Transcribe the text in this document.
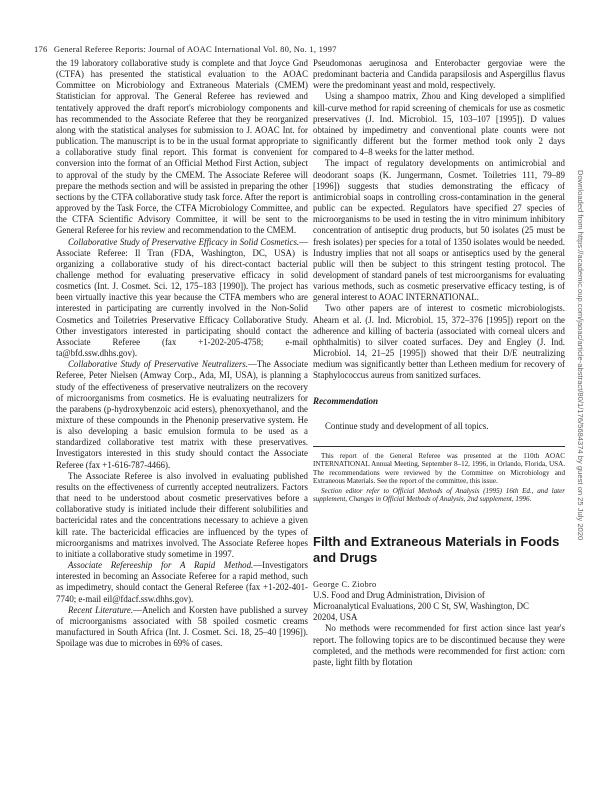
176 General Referee Reports: Journal of AOAC International Vol. 80, No. 1, 1997

the 19 laboratory collaborative study is complete and that Joyce Gnd (CTFA) has presented the statistical evaluation to the AOAC Committee on Microbiology and Extraneous Materials (CMEM) Statistician for approval. The General Referee has reviewed and tentatively approved the draft report's microbiology components and has recommended to the Associate Referee that they be reorganized along with the statistical analyses for submission to J. AOAC Int. for publication. The manuscript is to be in the usual format appropriate to a collaborative study final report. This format is convenient for conversion into the format of an Official Method First Action, subject to approval of the study by the CMEM. The Associate Referee will prepare the methods section and will be assisted in preparing the other sections by the CTFA collaborative study task force. After the report is approved by the Task Force, the CTFA Microbiology Committee, and the CTFA Scientific Advisory Committee, it will be sent to the General Referee for his review and recommendation to the CMEM.

Collaborative Study of Preservative Efficacy in Solid Cosmetics.—Associate Referee: Il Tran (FDA, Washington, DC, USA) is organizing a collaborative study of his direct-contact bacterial challenge method for evaluating preservative efficacy in solid cosmetics (Int. J. Cosmet. Sci. 12, 175–183 [1990]). The project has been virtually inactive this year because the CTFA members who are interested in participating are currently involved in the Non-Solid Cosmetics and Toiletries Preservative Efficacy Collaborative Study. Other investigators interested in participating should contact the Associate Referee (fax +1-202-205-4758; e-mail ta@bfd.ssw.dhhs.gov).

Collaborative Study of Preservative Neutralizers.—The Associate Referee, Peter Nielsen (Amway Corp., Ada, MI, USA), is planning a study of the effectiveness of preservative neutralizers on the recovery of microorganisms from cosmetics. He is evaluating neutralizers for the parabens (p-hydroxybenzoic acid esters), phenoxyethanol, and the mixture of these compounds in the Phenonip preservative system. He is also developing a basic emulsion formula to be used as a standardized collaborative test matrix with these preservatives. Investigators interested in this study should contact the Associate Referee (fax +1-616-787-4466).

The Associate Referee is also involved in evaluating published results on the effectiveness of currently accepted neutralizers. Factors that need to be understood about cosmetic preservatives before a collaborative study is initiated include their different solubilities and bactericidal rates and the concentrations necessary to achieve a given kill rate. The bactericidal efficacies are influenced by the types of microorganisms and matrixes involved. The Associate Referee hopes to initiate a collaborative study sometime in 1997.

Associate Refereeship for A Rapid Method.—Investigators interested in becoming an Associate Referee for a rapid method, such as impedimetry, should contact the General Referee (fax +1-202-401-7740; e-mail eil@fdacf.ssw.dhhs.gov).

Recent Literature.—Anelich and Korsten have published a survey of microorganisms associated with 58 spoiled cosmetic creams manufactured in South Africa (Int. J. Cosmet. Sci. 18, 25–40 [1996]). Spoilage was due to microbes in 69% of cases.

Pseudomonas aeruginosa and Enterobacter gergoviae were the predominant bacteria and Candida parapsilosis and Aspergillus flavus were the predominant yeast and mold, respectively.

Using a shampoo matrix, Zhou and King developed a simplified kill-curve method for rapid screening of chemicals for use as cosmetic preservatives (J. Ind. Microbiol. 15, 103–107 [1995]). D values obtained by impedimetry and conventional plate counts were not significantly different but the former method took only 2 days compared to 4–8 weeks for the latter method.

The impact of regulatory developments on antimicrobial and deodorant soaps (K. Jungermann, Cosmet. Toiletries 111, 79–89 [1996]) suggests that studies demonstrating the efficacy of antimicrobial soaps in controlling cross-contamination in the general public can be expected. Regulators have specified 27 species of microorganisms to be used in testing the in vitro minimum inhibitory concentration of antiseptic drug products, but 50 isolates (25 must be fresh isolates) per species for a total of 1350 isolates would be needed. Industry implies that not all soaps or antiseptics used by the general public will then be subject to this stringent testing protocol. The development of standard panels of test microorganisms for evaluating various methods, such as cosmetic preservative efficacy testing, is of general interest to AOAC INTERNATIONAL.

Two other papers are of interest to cosmetic microbiologists. Ahearn et al. (J. Ind. Microbiol. 15, 372–376 [1995]) report on the adherence and killing of bacteria (associated with corneal ulcers and ophthalmitis) to silver coated surfaces. Dey and Engley (J. Ind. Microbiol. 14, 21–25 [1995]) showed that their D/E neutralizing medium was significantly better than Letheen medium for recovery of Staphylococcus aureus from sanitized surfaces.

Recommendation

Continue study and development of all topics.

This report of the General Referee was presented at the 110th AOAC INTERNATIONAL Annual Meeting, September 8–12, 1996, in Orlando, Florida, USA. The recommendations were reviewed by the Committee on Microbiology and Extraneous Materials. See the report of the committee, this issue.

Section editor refer to Official Methods of Analysis (1995) 16th Ed., and later supplement, Changes in Official Methods of Analysis, 2nd supplement, 1996.

Filth and Extraneous Materials in Foods and Drugs

George C. Ziobro

U.S. Food and Drug Administration, Division of

Microanalytical Evaluations, 200 C St, SW, Washington, DC

20204, USA

No methods were recommended for first action since last year's report. The following topics are to be discontinued because they were completed, and the methods were recommended for first action: corn paste, light filth by flotation

Downloaded from https://academic.oup.com/jaoac/article-abstract/80/1/176/5684374 by guest on 25 July 2020
